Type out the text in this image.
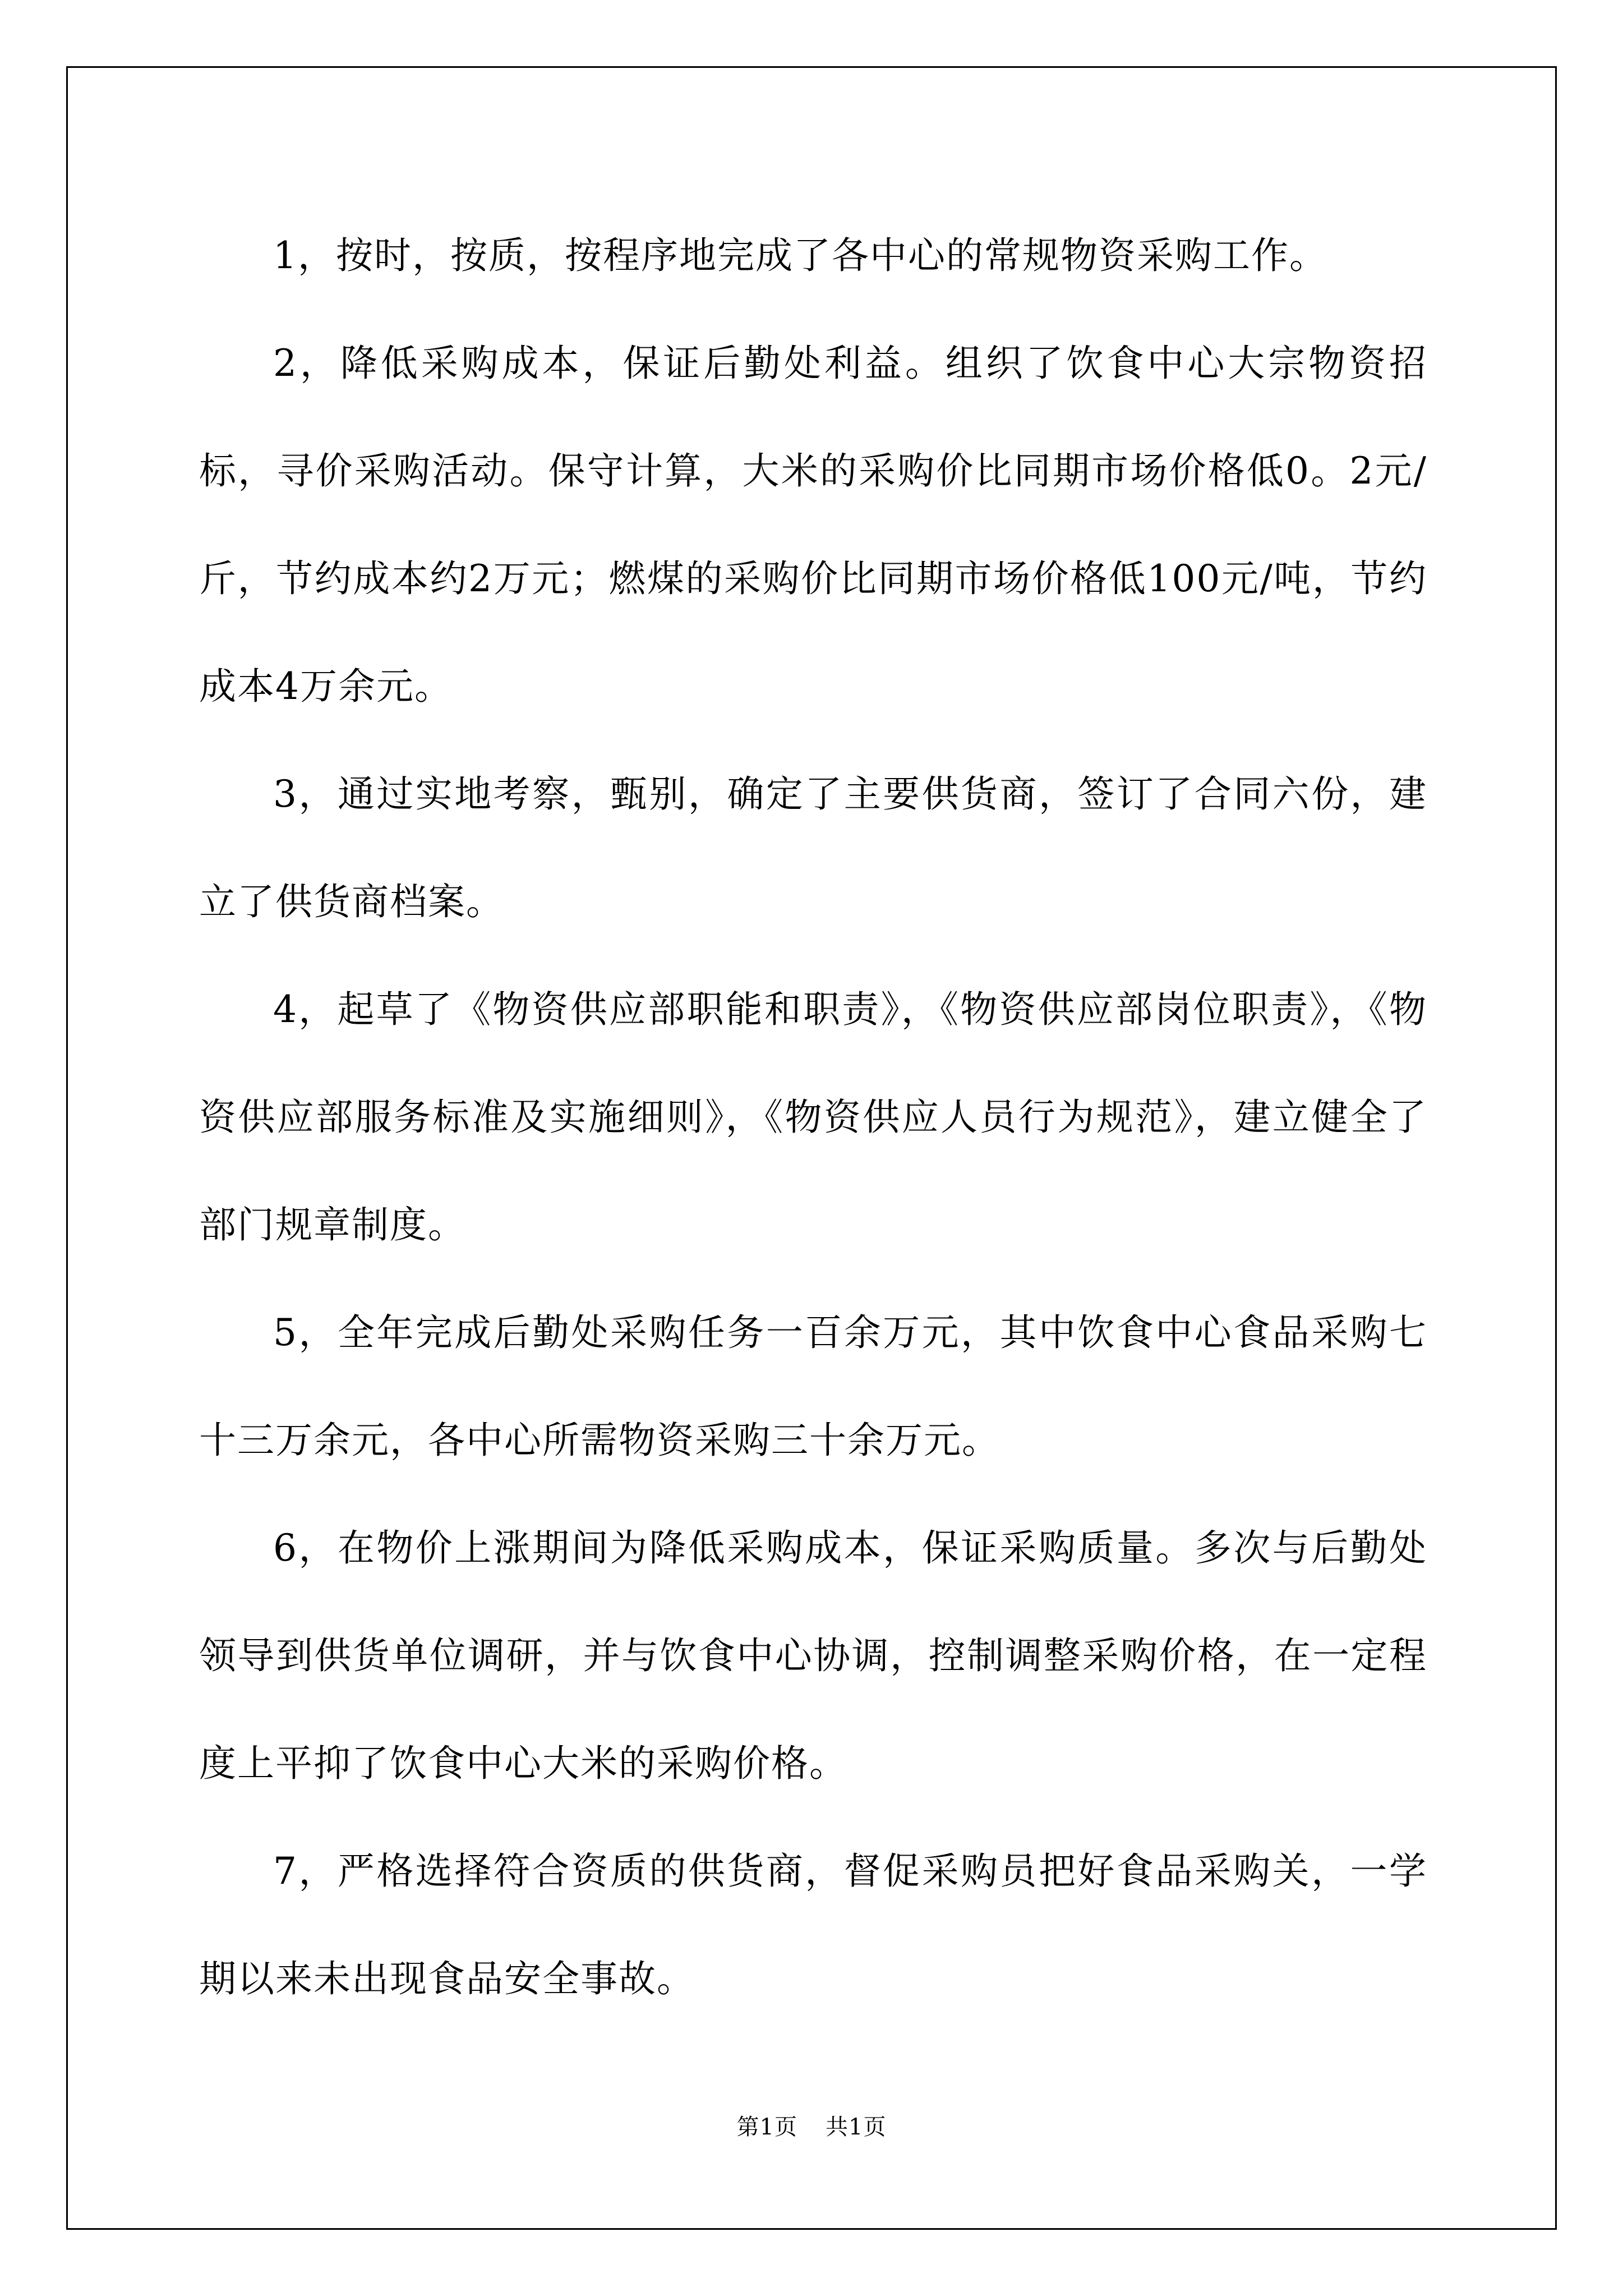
1，按时，按质，按程序地完成了各中心的常规物资采购工作。

2，降低采购成本，保证后勤处利益。组织了饮食中心大宗物资招标，寻价采购活动。保守计算，大米的采购价比同期市场价格低0。2元/斤，节约成本约2万元；燃煤的采购价比同期市场价格低100元/吨，节约成本4万余元。

3，通过实地考察，甄别，确定了主要供货商，签订了合同六份，建立了供货商档案。

4，起草了《物资供应部职能和职责》，《物资供应部岗位职责》，《物资供应部服务标准及实施细则》，《物资供应人员行为规范》，建立健全了部门规章制度。

5，全年完成后勤处采购任务一百余万元，其中饮食中心食品采购七十三万余元，各中心所需物资采购三十余万元。

6，在物价上涨期间为降低采购成本，保证采购质量。多次与后勤处领导到供货单位调研，并与饮食中心协调，控制调整采购价格，在一定程度上平抑了饮食中心大米的采购价格。

7，严格选择符合资质的供货商，督促采购员把好食品采购关，一学期以来未出现食品安全事故。

第1页 共1页
